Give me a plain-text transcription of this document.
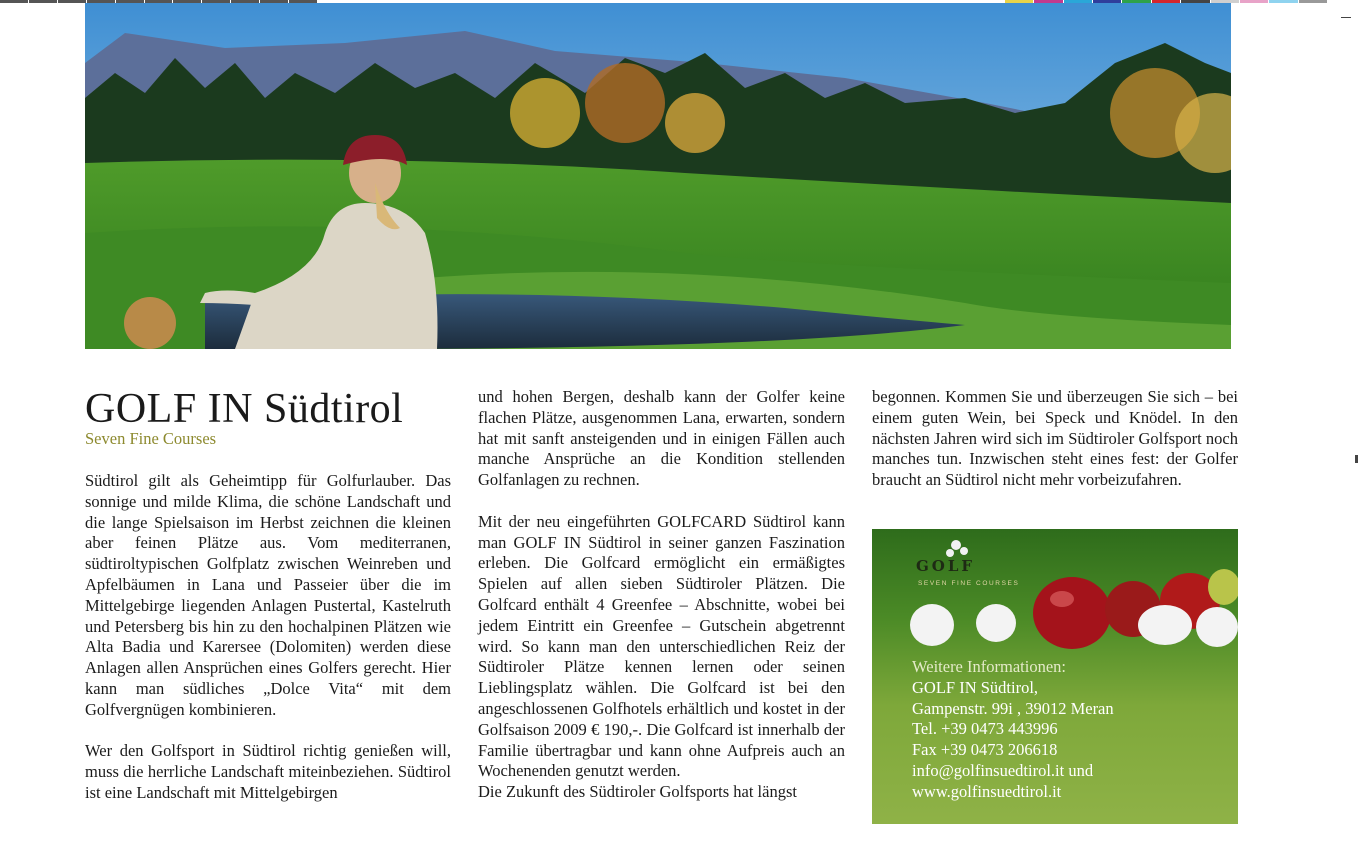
GOLF IN Südtirol
Seven Fine Courses

Südtirol gilt als Geheimtipp für Golfurlauber. Das sonnige und milde Klima, die schöne Landschaft und die lange Spielsaison im Herbst zeichnen die kleinen aber feinen Plätze aus. Vom mediterranen, südtiroltypischen Golfplatz zwischen Weinreben und Apfelbäumen in Lana und Passeier über die im Mittelgebirge liegenden Anlagen Pustertal, Kastelruth und Petersberg bis hin zu den hochalpinen Plätzen wie Alta Badia und Karersee (Dolomiten) werden diese Anlagen allen Ansprüchen eines Golfers gerecht. Hier kann man südliches „Dolce Vita“ mit dem Golfvergnügen kombinieren.

Wer den Golfsport in Südtirol richtig genießen will, muss die herrliche Landschaft miteinbeziehen. Südtirol ist eine Landschaft mit Mittelgebirgen

und hohen Bergen, deshalb kann der Golfer keine flachen Plätze, ausgenommen Lana, erwarten, sondern hat mit sanft ansteigenden und in einigen Fällen auch manche Ansprüche an die Kondition stellenden Golfanlagen zu rechnen.

Mit der neu eingeführten GOLFCARD Südtirol kann man GOLF IN Südtirol in seiner ganzen Faszination erleben. Die Golfcard ermöglicht ein ermäßigtes Spielen auf allen sieben Südtiroler Plätzen. Die Golfcard enthält 4 Greenfee – Abschnitte, wobei bei jedem Eintritt ein Greenfee – Gutschein abgetrennt wird. So kann man den unterschiedlichen Reiz der Südtiroler Plätze kennen lernen oder seinen Lieblingsplatz wählen. Die Golfcard ist bei den angeschlossenen Golfhotels erhältlich und kostet in der Golfsaison 2009 € 190,-. Die Golfcard ist innerhalb der Familie übertragbar und kann ohne Aufpreis auch an Wochenenden genutzt werden.

Die Zukunft des Südtiroler Golfsports hat längst

begonnen. Kommen Sie und überzeugen Sie sich – bei einem guten Wein, bei Speck und Knödel. In den nächsten Jahren wird sich im Südtiroler Golfsport noch manches tun. Inzwischen steht eines fest: der Golfer braucht an Südtirol nicht mehr vorbeizufahren.

GOLF
SEVEN FINE COURSES
Weitere Informationen:
GOLF IN Südtirol,
Gampenstr. 99i , 39012 Meran
Tel. +39 0473 443996
Fax +39 0473 206618
info@golfinsuedtirol.it und
www.golfinsuedtirol.it
